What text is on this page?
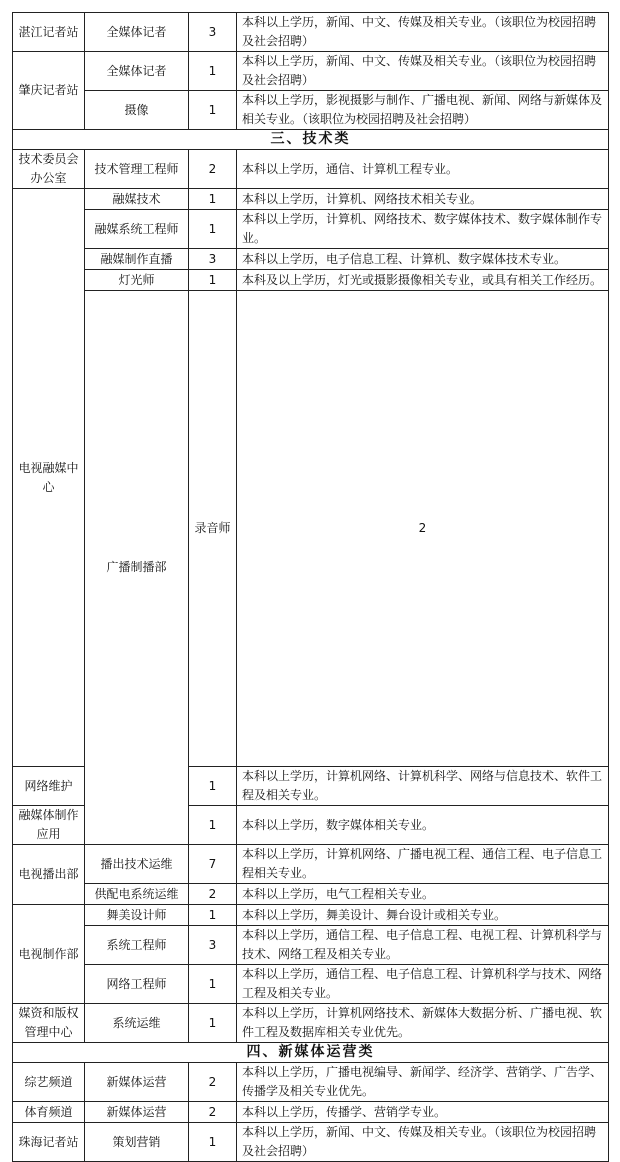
湛江记者站	全媒体记者	3	本科以上学历，新闻、中文、传媒及相关专业。（该职位为校园招聘及社会招聘）	
肇庆记者站	全媒体记者	1	本科以上学历，新闻、中文、传媒及相关专业。（该职位为校园招聘及社会招聘）	
	摄像	1	本科以上学历，影视摄影与制作、广播电视、新闻、网络与新媒体及相关专业。（该职位为校园招聘及社会招聘）	
三、技术类				
技术委员会办公室	技术管理工程师	2	本科以上学历，通信、计算机工程专业。	
电视融媒中心	融媒技术	1	本科以上学历，计算机、网络技术相关专业。	
	融媒系统工程师	1	本科以上学历，计算机、网络技术、数字媒体技术、数字媒体制作专业。	
	融媒制作直播	3	本科以上学历，电子信息工程、计算机、数字媒体技术专业。	
	灯光师	1	本科及以上学历，灯光或摄影摄像相关专业，或具有相关工作经历。	
	广播制播部	录音师	2	
网络维护		1	本科以上学历，计算机网络、计算机科学、网络与信息技术、软件工程及相关专业。	
融媒体制作应用		1	本科以上学历，数字媒体相关专业。	
电视播出部	播出技术运维	7	本科以上学历，计算机网络、广播电视工程、通信工程、电子信息工程相关专业。	
	供配电系统运维	2	本科以上学历，电气工程相关专业。	
电视制作部	舞美设计师	1	本科以上学历，舞美设计、舞台设计或相关专业。	
	系统工程师	3	本科以上学历，通信工程、电子信息工程、电视工程、计算机科学与技术、网络工程及相关专业。	
	网络工程师	1	本科以上学历，通信工程、电子信息工程、计算机科学与技术、网络工程及相关专业。	
媒资和版权管理中心	系统运维	1	本科以上学历，计算机网络技术、新媒体大数据分析、广播电视、软件工程及数据库相关专业优先。	
四、新媒体运营类				
综艺频道	新媒体运营	2	本科以上学历，广播电视编导、新闻学、经济学、营销学、广告学、传播学及相关专业优先。	
体育频道	新媒体运营	2	本科以上学历，传播学、营销学专业。	
珠海记者站	策划营销	1	本科以上学历，新闻、中文、传媒及相关专业。（该职位为校园招聘及社会招聘）	
